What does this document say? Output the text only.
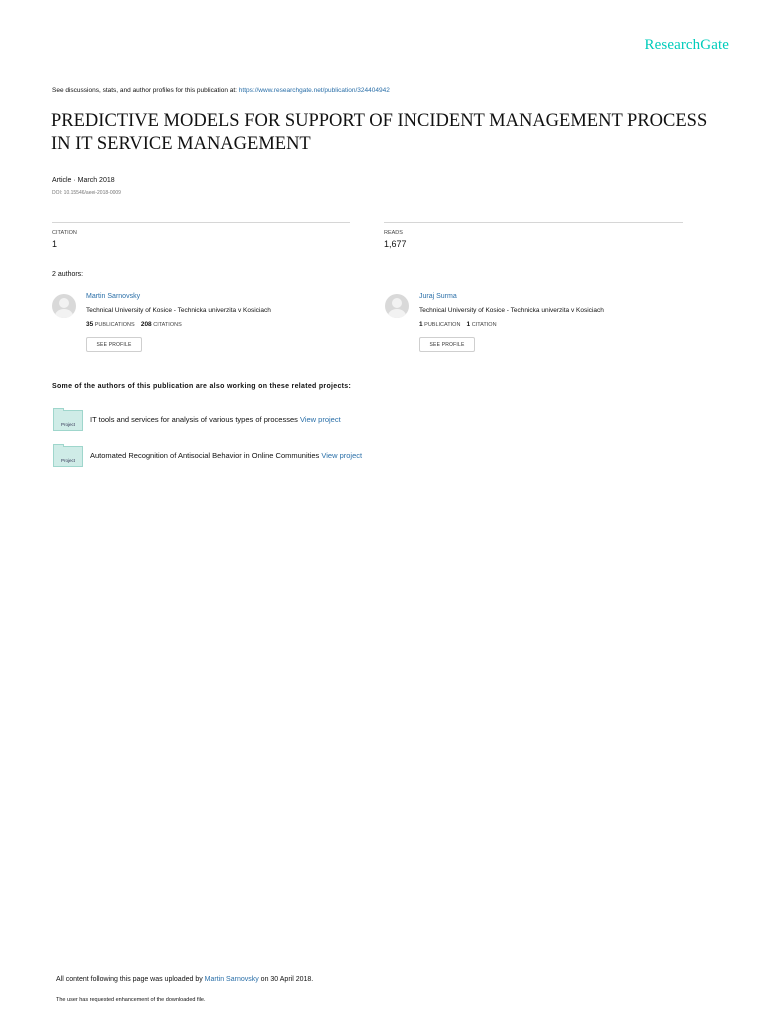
ResearchGate
See discussions, stats, and author profiles for this publication at: https://www.researchgate.net/publication/324404942
PREDICTIVE MODELS FOR SUPPORT OF INCIDENT MANAGEMENT PROCESS IN IT SERVICE MANAGEMENT
Article · March 2018
DOI: 10.15546/aeei-2018-0009
CITATION
1
READS
1,677
2 authors:
Martin Sarnovsky
Technical University of Kosice - Technicka univerzita v Kosiciach
35 PUBLICATIONS 208 CITATIONS
SEE PROFILE
Juraj Surma
Technical University of Kosice - Technicka univerzita v Kosiciach
1 PUBLICATION 1 CITATION
SEE PROFILE
Some of the authors of this publication are also working on these related projects:
Project
IT tools and services for analysis of various types of processes View project
Project
Automated Recognition of Antisocial Behavior in Online Communities View project
All content following this page was uploaded by Martin Sarnovsky on 30 April 2018.
The user has requested enhancement of the downloaded file.
